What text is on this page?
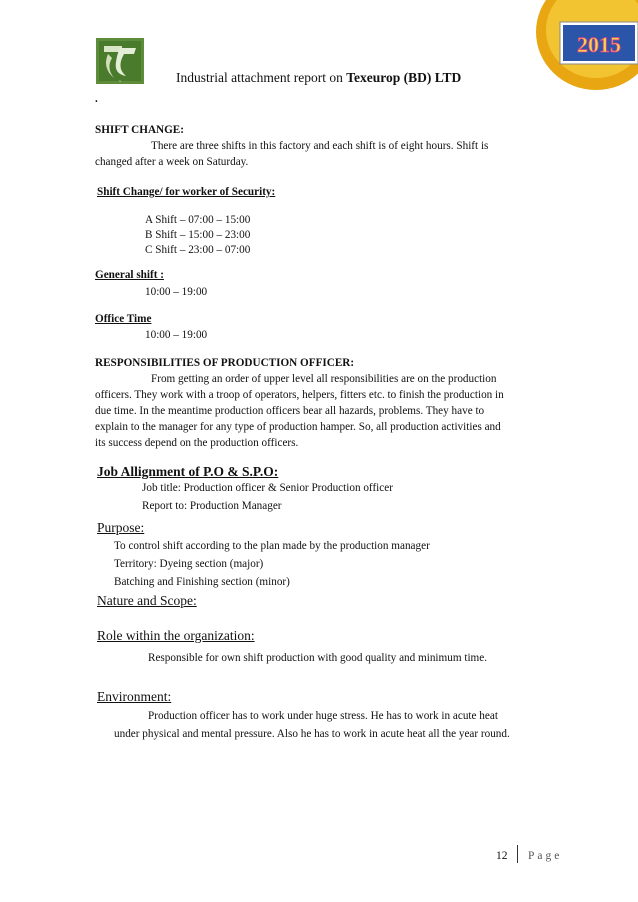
TL	Industrial attachment report on Texeurop (BD) LTD
2015
.
SHIFT CHANGE:
There are three shifts in this factory and each shift is of eight hours. Shift is
changed after a week on Saturday.
Shift Change/ for worker of Security:
A Shift – 07:00 – 15:00
B Shift – 15:00 – 23:00
C Shift – 23:00 – 07:00
General shift :
10:00 – 19:00
Office Time
10:00 – 19:00
RESPONSIBILITIES OF PRODUCTION OFFICER:
From getting an order of upper level all responsibilities are on the production
officers. They work with a troop of operators, helpers, fitters etc. to finish the production in
due time. In the meantime production officers bear all hazards, problems. They have to
explain to the manager for any type of production hamper. So, all production activities and
its success depend on the production officers.
Job Allignment of P.O & S.P.O:
Job title: Production officer & Senior Production officer
Report to: Production Manager
Purpose:
To control shift according to the plan made by the production manager
Territory: Dyeing section (major)
Batching and Finishing section (minor)
Nature and Scope:
Role within the organization:
Responsible for own shift production with good quality and minimum time.
Environment:
Production officer has to work under huge stress. He has to work in acute heat
under physical and mental pressure. Also he has to work in acute heat all the year round.
12 Page
